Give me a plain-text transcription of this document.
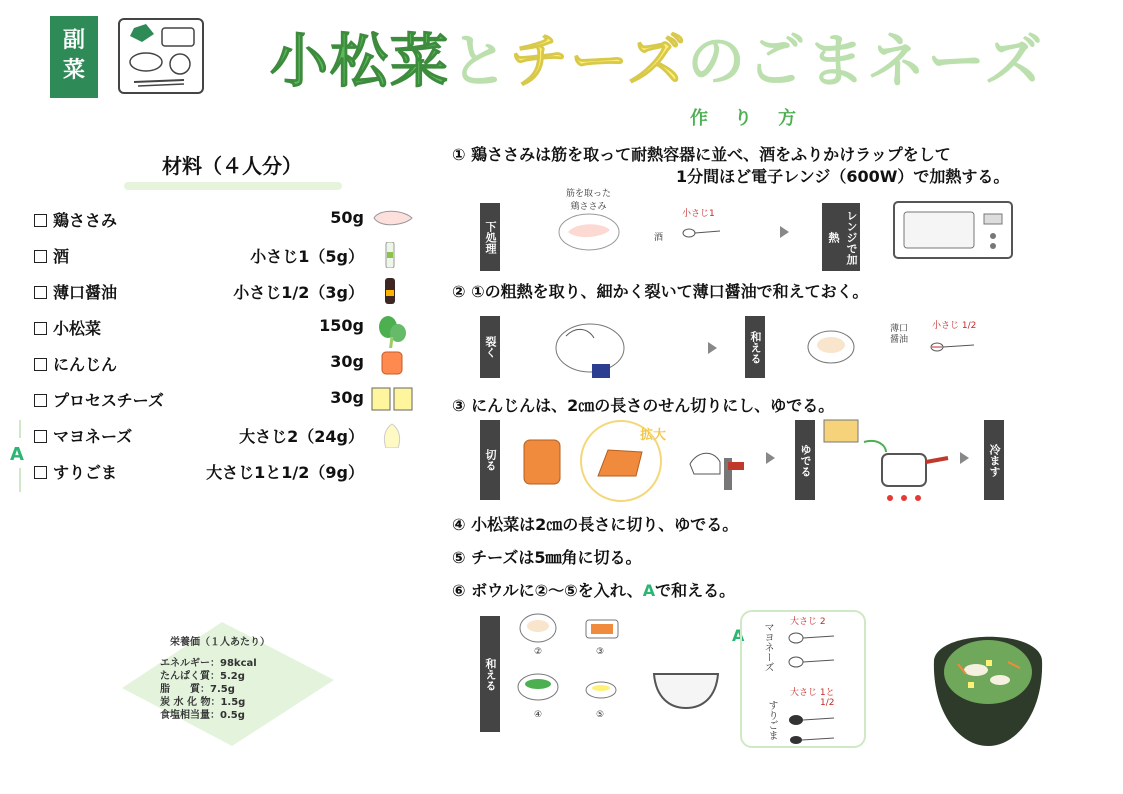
副
菜	小松菜とチーズのごまネーズ
作り方
材料（４人分）
鶏ささみ	50g
酒	小さじ1（5g）
薄口醤油	小さじ1/2（3g）
小松菜	150g
にんじん	30g
プロセスチーズ	30g
マヨネーズ	大さじ2（24g）
すりごま	大さじ1と1/2（9g）
A
栄養価（１人あたり）
エネルギー：98kcal
たんぱく質：5.2g
脂　　質：7.5g
炭 水 化 物：1.5g
食塩相当量：0.5g
① 鶏ささみは筋を取って耐熱容器に並べ、酒をふりかけラップをして
1分間ほど電子レンジ（600W）で加熱する。
下処理
筋を取った
鶏ささみ
酒
小さじ1	レンジで加熱
② ①の粗熱を取り、細かく裂いて薄口醤油で和えておく。
裂く	和える
薄口醤油
小さじ 1/2
③ にんじんは、2㎝の長さのせん切りにし、ゆでる。
切る
拡大
ゆでる	冷ます
④ 小松菜は2㎝の長さに切り、ゆでる。
⑤ チーズは5㎜角に切る。
⑥ ボウルに②～⑤を入れ、Aで和える。
和える
②	③
④	⑤
A マヨネーズ 大さじ 2
すりごま
大さじ 1と
1/2
